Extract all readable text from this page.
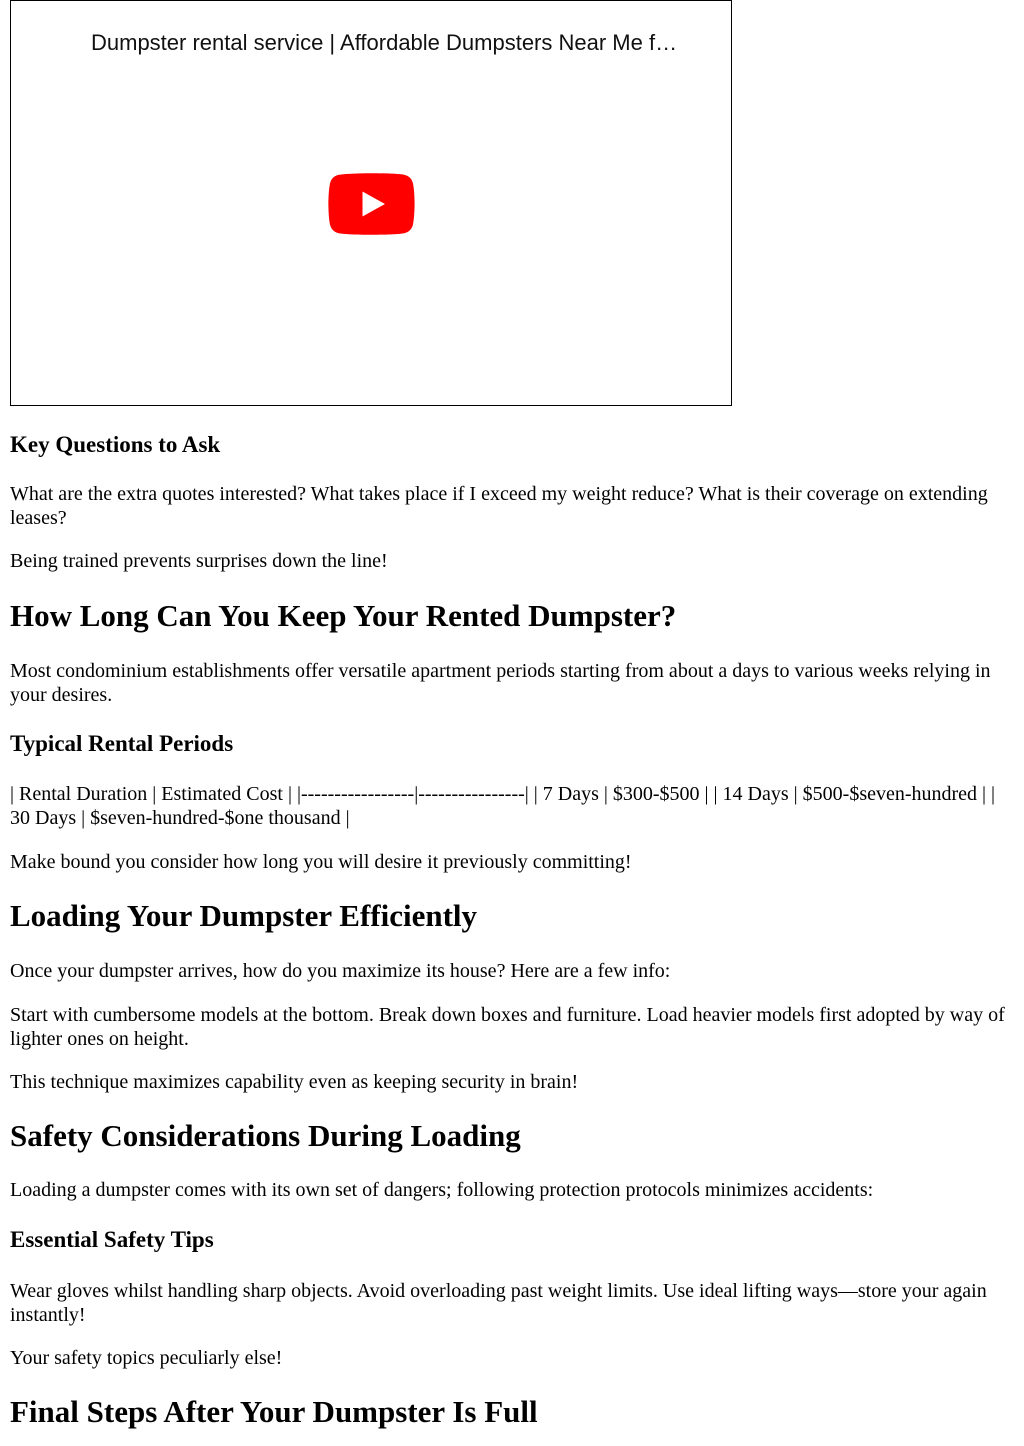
Dumpster rental service | Affordable Dumpsters Near Me f…
Key Questions to Ask

What are the extra quotes interested? What takes place if I exceed my weight reduce? What is their coverage on extending leases?

Being trained prevents surprises down the line!

How Long Can You Keep Your Rented Dumpster?

Most condominium establishments offer versatile apartment periods starting from about a days to various weeks relying in your desires.

Typical Rental Periods

| Rental Duration | Estimated Cost | |-----------------|----------------| | 7 Days | $300-$500 | | 14 Days | $500-$seven-hundred | | 30 Days | $seven-hundred-$one thousand |

Make bound you consider how long you will desire it previously committing!

Loading Your Dumpster Efficiently

Once your dumpster arrives, how do you maximize its house? Here are a few info:

Start with cumbersome models at the bottom. Break down boxes and furniture. Load heavier models first adopted by way of lighter ones on height.

This technique maximizes capability even as keeping security in brain!

Safety Considerations During Loading

Loading a dumpster comes with its own set of dangers; following protection protocols minimizes accidents:

Essential Safety Tips

Wear gloves whilst handling sharp objects. Avoid overloading past weight limits. Use ideal lifting ways—store your again instantly!

Your safety topics peculiarly else!

Final Steps After Your Dumpster Is Full
